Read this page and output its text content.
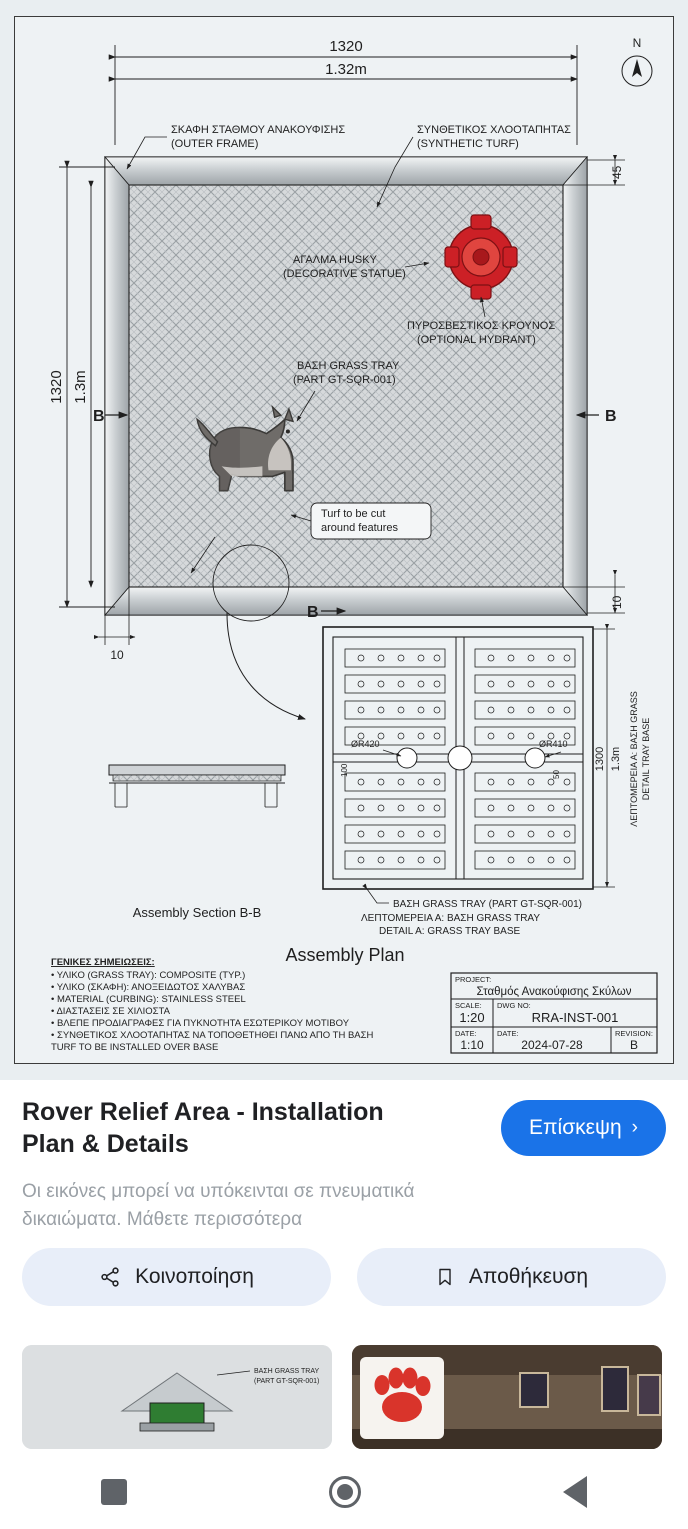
1320
1.32m
N
1320 1.3m
45
10
10
B	B
B
ΣΚΑΦΗ ΣΤΑΘΜΟΥ ΑΝΑΚΟΥΦΙΣΗΣ
(OUTER FRAME)
ΣΥΝΘΕΤΙΚΟΣ ΧΛΟΟΤΑΠΗΤΑΣ
(SYNTHETIC TURF)
ΠΥΡΟΣΒΕΣΤΙΚΟΣ ΚΡΟΥΝΟΣ
(OPTIONAL HYDRANT)
ΑΓΑΛΜΑ HUSKY
(DECORATIVE STATUE)
ΒΑΣΗ GRASS TRAY
(PART GT-SQR-001)
Turf to be cut
around features
Assembly Section B-B
ØR420	ØR410
100	50
1300 1.3m ΛΕΠΤΟΜΕΡΕΙΑ Α: ΒΑΣΗ GRASS DETAIL TRAY BASE
ΒΑΣΗ GRASS TRAY (PART GT-SQR-001)
ΛΕΠΤΟΜΕΡΕΙΑ Α: ΒΑΣΗ GRASS TRAY
DETAIL A: GRASS TRAY BASE
Assembly Plan
ΓΕΝΙΚΕΣ ΣΗΜΕΙΩΣΕΙΣ:
• ΥΛΙΚΟ (GRASS TRAY): COMPOSITE (TYP.)
• ΥΛΙΚΟ (ΣΚΑΦΗ): ΑΝΟΞΕΙΔΩΤΟΣ ΧΑΛΥΒΑΣ
• MATERIAL (CURBING): STAINLESS STEEL
• ΔΙΑΣΤΑΣΕΙΣ ΣΕ ΧΙΛΙΟΣΤΑ
• ΒΛΕΠΕ ΠΡΟΔΙΑΓΡΑΦΕΣ ΓΙΑ ΠΥΚΝΟΤΗΤΑ ΕΣΩΤΕΡΙΚΟΥ ΜΟΤΙΒΟΥ
• ΣΥΝΘΕΤΙΚΟΣ ΧΛΟΟΤΑΠΗΤΑΣ ΝΑ ΤΟΠΟΘΕΤΗΘΕΙ ΠΑΝΩ ΑΠΟ ΤΗ ΒΑΣΗ
TURF TO BE INSTALLED OVER BASE
PROJECT:
Σταθμός Ανακούφισης Σκύλων
SCALE:
1:20
DWG NO:
RRA-INST-001
DATE:
1:10
DATE:
2024-07-28
REVISION:
B
Rover Relief Area - Installation Plan & Details
Επίσκεψη ›
Οι εικόνες μπορεί να υπόκεινται σε πνευματικά δικαιώματα. Μάθετε περισσότερα
Κοινοποίηση	Αποθήκευση
ΒΑΣΗ GRASS TRAY
(PART GT-SQR-001)
